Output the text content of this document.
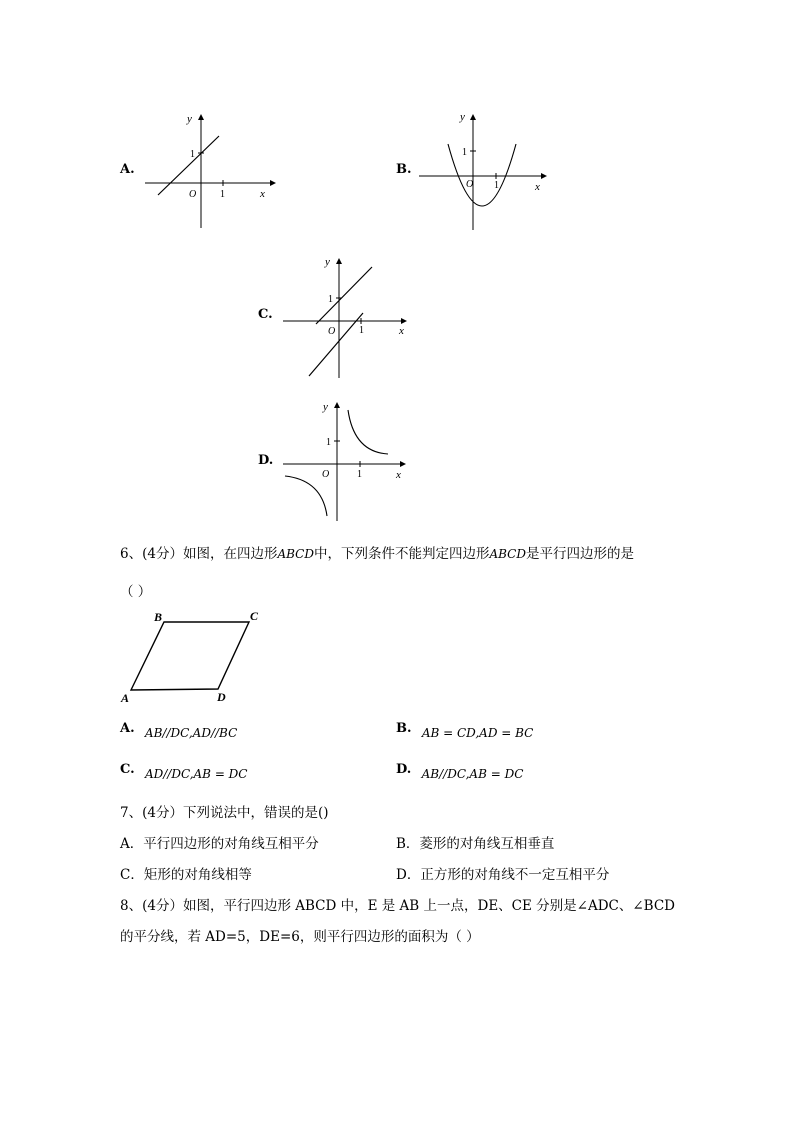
A.
y
1
O 1	x
B.
y
1
O 1	x
C.
y
1
O 1	x
D.
y
1
O	1	x
6、(4分）如图，在四边形ABCD中，下列条件不能判定四边形ABCD是平行四边形的是
（ ）
B	C
A	D
A. AB//DC,AD//BC	B. AB = CD,AD = BC
C. AD//DC,AB = DC	D. AB//DC,AB = DC
7、(4分）下列说法中，错误的是()
A．平行四边形的对角线互相平分	B．菱形的对角线互相垂直
C．矩形的对角线相等	D．正方形的对角线不一定互相平分
8、(4分）如图，平行四边形 ABCD 中，E 是 AB 上一点，DE、CE 分别是∠ADC、∠BCD
的平分线，若 AD=5，DE=6，则平行四边形的面积为（ ）
